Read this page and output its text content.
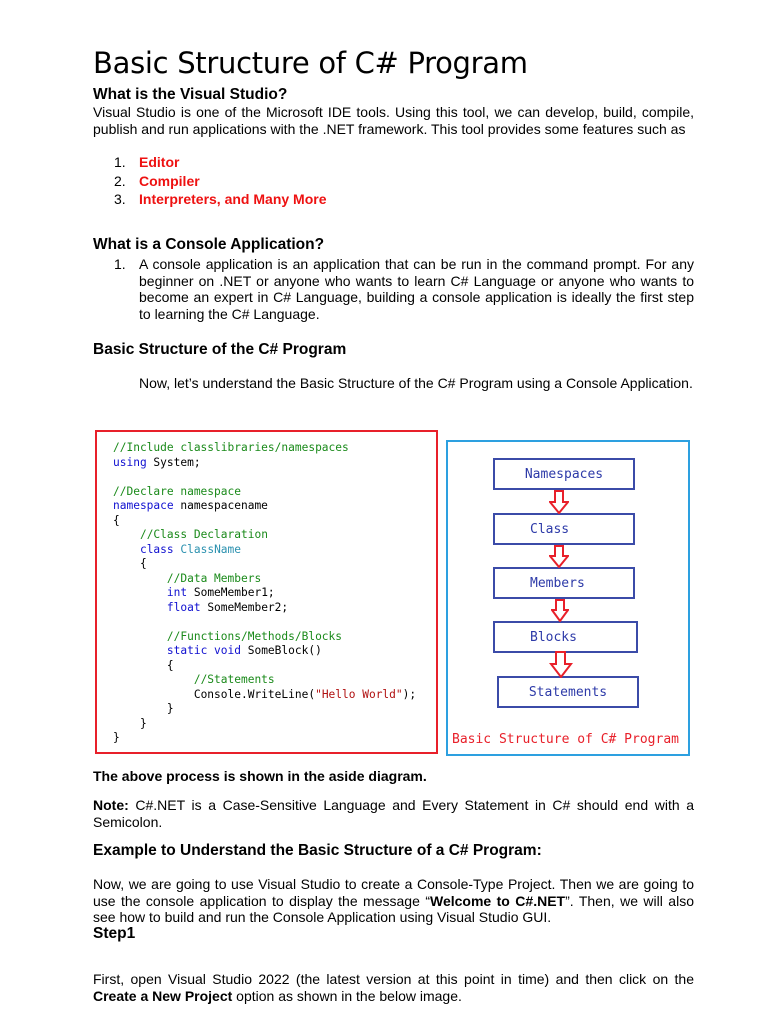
Basic Structure of C# Program
What is the Visual Studio?
Visual Studio is one of the Microsoft IDE tools. Using this tool, we can develop, build, compile, publish and run applications with the .NET framework. This tool provides some features such as
1. Editor
2. Compiler
3. Interpreters, and Many More
What is a Console Application?
1. A console application is an application that can be run in the command prompt. For any beginner on .NET or anyone who wants to learn C# Language or anyone who wants to become an expert in C# Language, building a console application is ideally the first step to learning the C# Language.
Basic Structure of the C# Program
Now, let’s understand the Basic Structure of the C# Program using a Console Application.
//Include classlibraries/namespaces
using System;

//Declare namespace
namespace namespacename
{
//Class Declaration
class ClassName
{
//Data Members
int SomeMember1;
float SomeMember2;

//Functions/Methods/Blocks
static void SomeBlock()
{
//Statements
Console.WriteLine("Hello World");
}
}
}
Namespaces
Class
Members
Blocks
Statements
Basic Structure of C# Program
The above process is shown in the aside diagram.
Note: C#.NET is a Case-Sensitive Language and Every Statement in C# should end with a Semicolon.
Example to Understand the Basic Structure of a C# Program:
Now, we are going to use Visual Studio to create a Console-Type Project. Then we are going to use the console application to display the message “Welcome to C#.NET”. Then, we will also see how to build and run the Console Application using Visual Studio GUI.
Step1
First, open Visual Studio 2022 (the latest version at this point in time) and then click on the Create a New Project option as shown in the below image.
